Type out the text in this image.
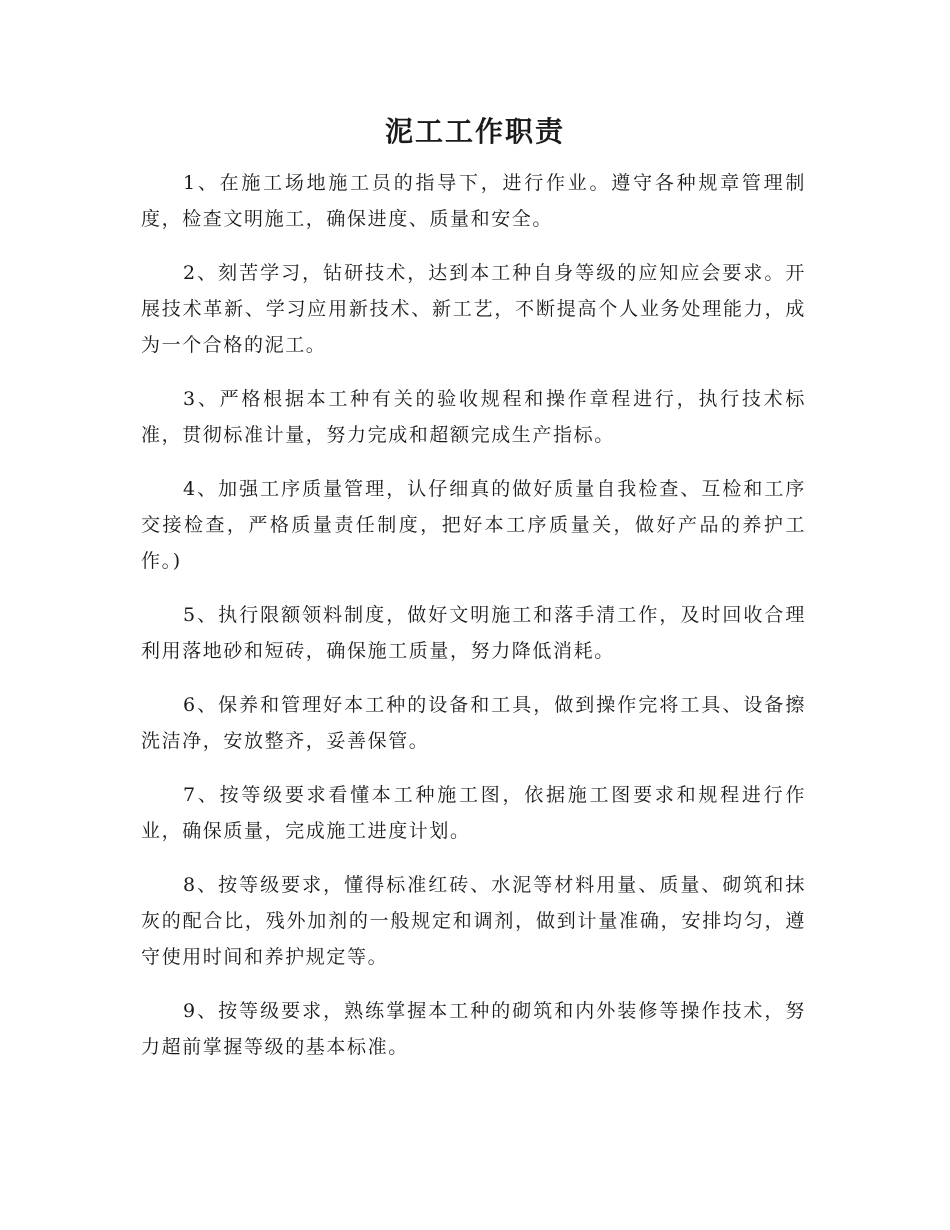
泥工工作职责

1、在施工场地施工员的指导下，进行作业。遵守各种规章管理制度，检查文明施工，确保进度、质量和安全。

2、刻苦学习，钻研技术，达到本工种自身等级的应知应会要求。开展技术革新、学习应用新技术、新工艺，不断提高个人业务处理能力，成为一个合格的泥工。

3、严格根据本工种有关的验收规程和操作章程进行，执行技术标准，贯彻标准计量，努力完成和超额完成生产指标。

4、加强工序质量管理，认仔细真的做好质量自我检查、互检和工序交接检查，严格质量责任制度，把好本工序质量关，做好产品的养护工作。)

5、执行限额领料制度，做好文明施工和落手清工作，及时回收合理利用落地砂和短砖，确保施工质量，努力降低消耗。

6、保养和管理好本工种的设备和工具，做到操作完将工具、设备擦洗洁净，安放整齐，妥善保管。

7、按等级要求看懂本工种施工图，依据施工图要求和规程进行作业，确保质量，完成施工进度计划。

8、按等级要求，懂得标准红砖、水泥等材料用量、质量、砌筑和抹灰的配合比，残外加剂的一般规定和调剂，做到计量准确，安排均匀，遵守使用时间和养护规定等。

9、按等级要求，熟练掌握本工种的砌筑和内外装修等操作技术，努力超前掌握等级的基本标准。
